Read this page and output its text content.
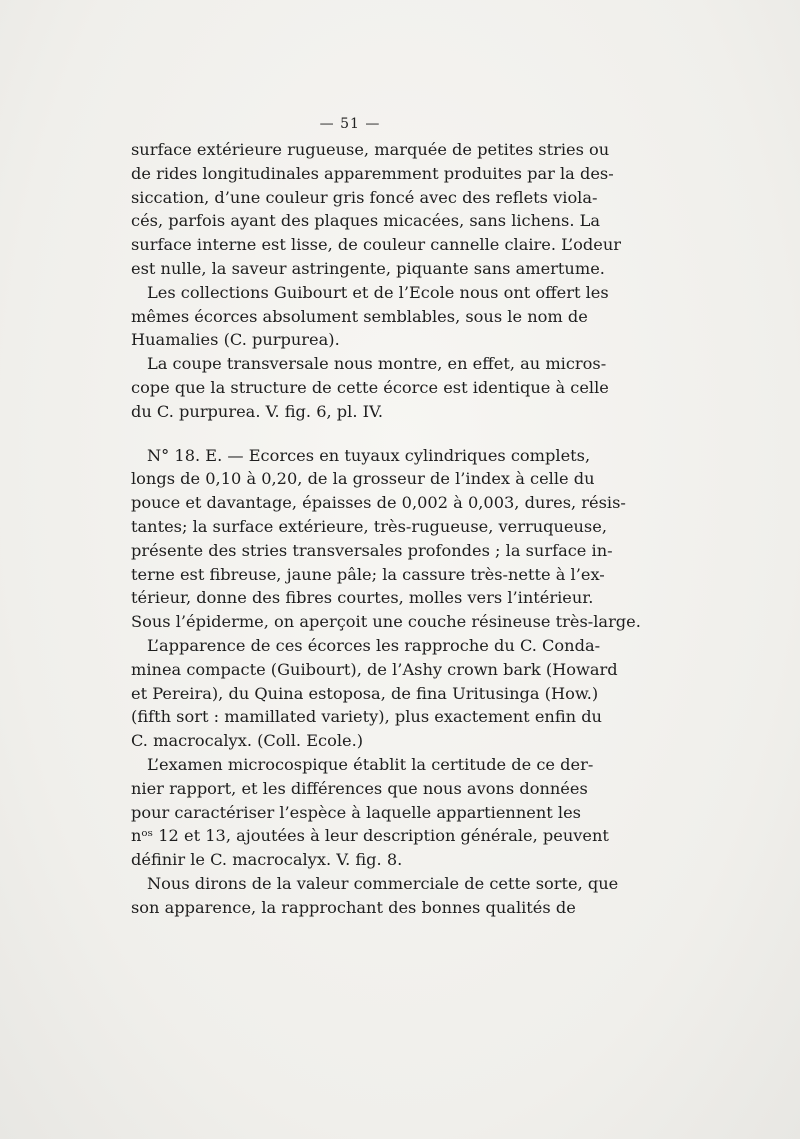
— 51 —
surface extérieure rugueuse, marquée de petites stries ou
de rides longitudinales apparemment produites par la des-
siccation, d’une couleur gris foncé avec des reflets viola-
cés, parfois ayant des plaques micacées, sans lichens. La
surface interne est lisse, de couleur cannelle claire. L’odeur
est nulle, la saveur astringente, piquante sans amertume.
Les collections Guibourt et de l’Ecole nous ont offert les
mêmes écorces absolument semblables, sous le nom de
Huamalies (C. purpurea).
La coupe transversale nous montre, en effet, au micros-
cope que la structure de cette écorce est identique à celle
du C. purpurea. V. fig. 6, pl. IV.
N° 18. E. — Ecorces en tuyaux cylindriques complets,
longs de 0,10 à 0,20, de la grosseur de l’index à celle du
pouce et davantage, épaisses de 0,002 à 0,003, dures, résis-
tantes; la surface extérieure, très-rugueuse, verruqueuse,
présente des stries transversales profondes ; la surface in-
terne est fibreuse, jaune pâle; la cassure très-nette à l’ex-
térieur, donne des fibres courtes, molles vers l’intérieur.
Sous l’épiderme, on aperçoit une couche résineuse très-large.
L’apparence de ces écorces les rapproche du C. Conda-
minea compacte (Guibourt), de l’Ashy crown bark (Howard
et Pereira), du Quina estoposa, de fina Uritusinga (How.)
(fifth sort : mamillated variety), plus exactement enfin du
C. macrocalyx. (Coll. Ecole.)
L’examen microcospique établit la certitude de ce der-
nier rapport, et les différences que nous avons données
pour caractériser l’espèce à laquelle appartiennent les
nᵒˢ 12 et 13, ajoutées à leur description générale, peuvent
définir le C. macrocalyx. V. fig. 8.
Nous dirons de la valeur commerciale de cette sorte, que
son apparence, la rapprochant des bonnes qualités de
